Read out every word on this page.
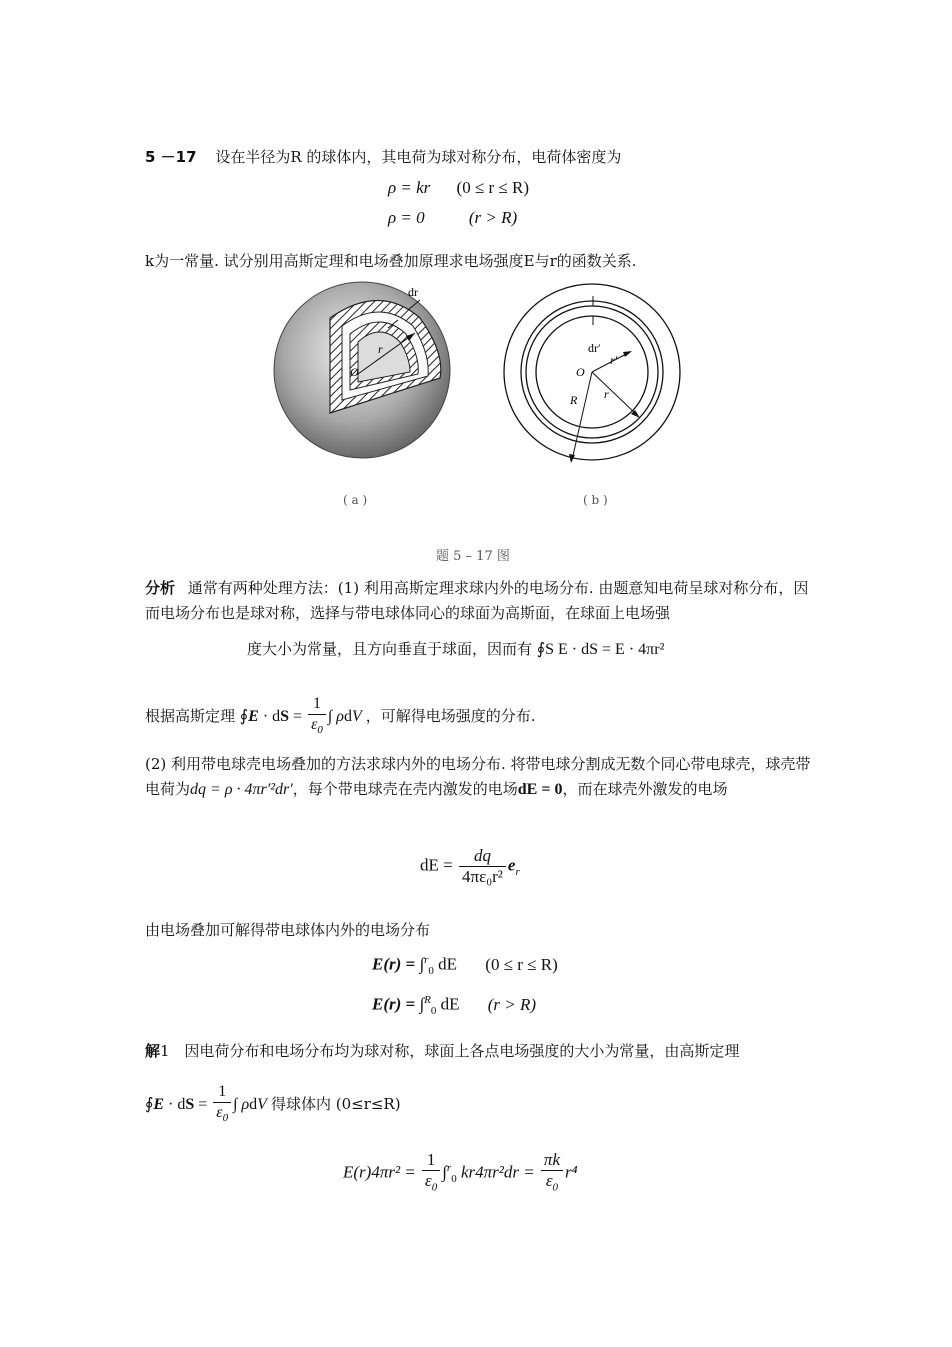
5 －17 设在半径为R 的球体内，其电荷为球对称分布，电荷体密度为
ρ = kr (0 ≤ r ≤ R)
ρ = 0	(r > R)
k为一常量. 试分别用高斯定理和电场叠加原理求电场强度E与r的函数关系.
O
r
dr
O
dr′
r′
R r
( a )	( b )
题 5 – 17 图
分析 通常有两种处理方法：(1) 利用高斯定理求球内外的电场分布. 由题意知电荷呈球对称分布，因而电场分布也是球对称，选择与带电球体同心的球面为高斯面，在球面上电场强
度大小为常量，且方向垂直于球面，因而有 ∮S E · dS = E · 4πr²
根据高斯定理 ∮E · dS = $\frac{1}{\varepsilon_0}$ ∫ ρdV ，可解得电场强度的分布.
(2) 利用带电球壳电场叠加的方法求球内外的电场分布. 将带电球分割成无数个同心带电球壳，球壳带电荷为dq = ρ · 4πr′²dr′，每个带电球壳在壳内激发的电场dE = 0，而在球壳外激发的电场
dE = $\frac{dq}{\text{4πε₀r²}} e_r$
由电场叠加可解得带电球体内外的电场分布
E(r) = ∫$^r_0$ dE (0 ≤ r ≤ R)
E(r) = ∫$^R_0$ dE (r > R)
解1 因电荷分布和电场分布均为球对称，球面上各点电场强度的大小为常量，由高斯定理
∮E · dS = $\frac{1}{\varepsilon_0}$ ∫ ρdV 得球体内 (0≤r≤R)
$E(r)4\pi r^2 = \frac{1}{\varepsilon_0} \int^r_0$ $kr4\pi r^2dr = \frac{\pi k}{\varepsilon_0} r^4$
